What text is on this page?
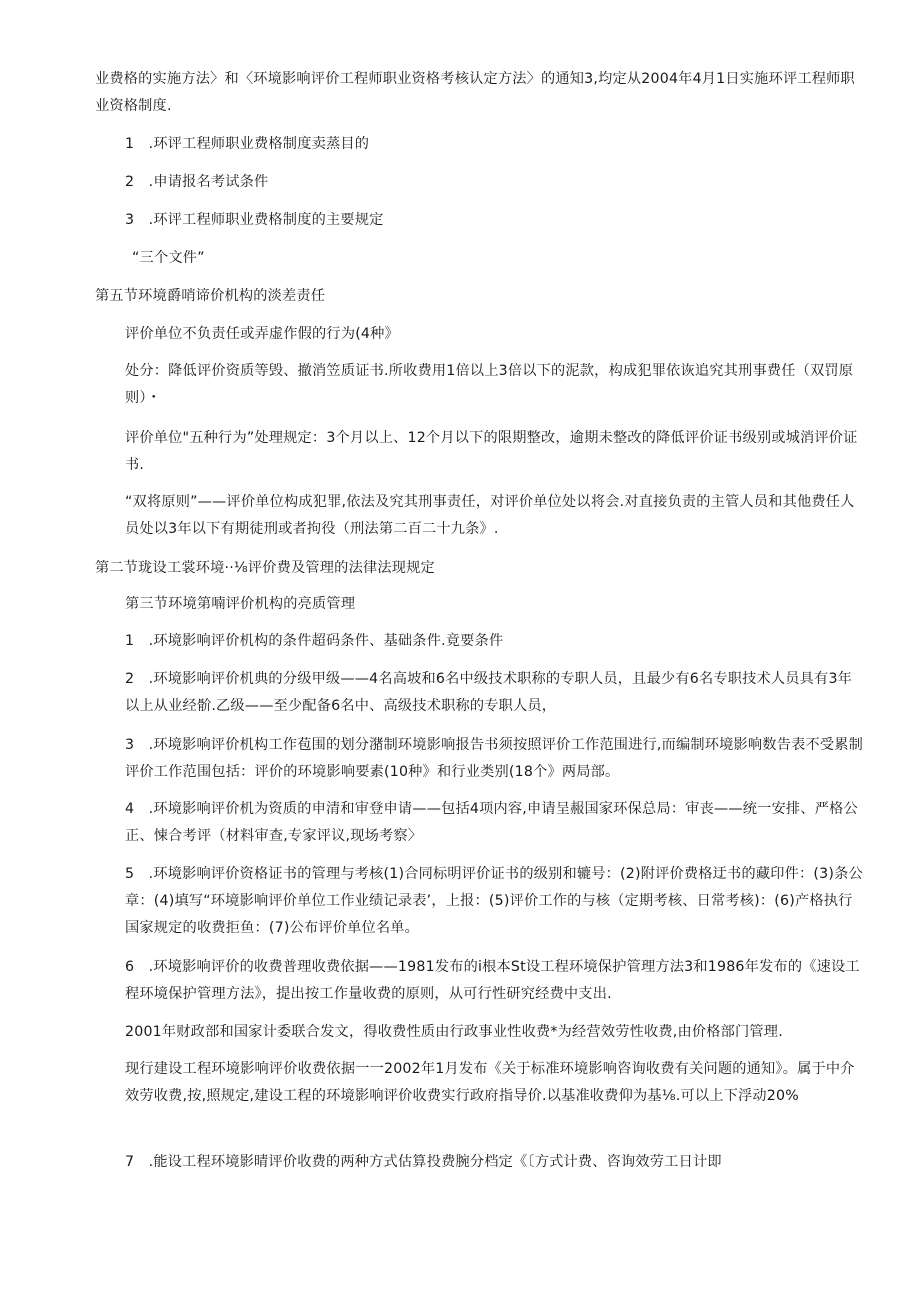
业费格的实施方法〉和〈环境影响评价工程师职业资格考核认定方法〉的通知3,均定从2004年4月1日实施环评工程师职业资格制度.

1　.环评工程师职业费格制度卖蒸目的

2　.申请报名考试条件

3　.环评工程师职业费格制度的主要规定

“三个文件”

第五节环境爵哨谛价机构的淡差责任

评价单位不负责任或弄虚作假的行为(4种》

处分：降低评价资质等毁、撤消笠质证书.所收费用1倍以上3倍以下的泥款，构成犯罪依诙追究其刑事费任（双罚原则）・

评价单位"五种行为”处理规定：3个月以上、12个月以下的限期整改，逾期未整改的降低评价证书级别或城消评价证书.

“双将原则”——评价单位构成犯罪,依法及究其刑事责任，对评价单位处以将会.对直接负责的主管人员和其他费任人员处以3年以下有期徒刑或者拘役（刑法第二百二十九条》.

第二节珑设工裳环境··⅛评价费及管理的法律法现规定

第三节环境第喃评价机构的亮质管理

1　.环境影响评价机构的条件超码条件、基础条件.竟要条件

2　.环境影响评价机典的分级甲级——4名高坡和6名中级技术职称的专职人员，且最少有6名专职技术人员具有3年以上从业经骱.乙级——至少配备6名中、高级技术职称的专职人员，

3　.环境影响评价机构工作苞围的划分潴制环境影响报告书须按照评价工作范围进行,而编制环境影响数告表不受累制评价工作范围包括：评价的环境影响要素(10种》和行业类别(18个》两局部。

4　.环境影响评价机为资质的申清和审登申请——包括4项内容,申请呈赧国家环保总局：审丧——统一安排、严格公正、悚合考评（材料审查,专家评议,现场考察〉

5　.环境影响评价资格证书的管理与考核(1)合同标明评价证书的级别和辘号：(2)附评价费格迂书的藏印件：(3)条公章：(4)填写“环境影响评价单位工作业绩记录表’，上报：(5)评价工作的与核（定期考核、日常考核)：(6)产格执行国家规定的收费拒鱼：(7)公布评价单位名单。

6　.环境影响评价的收费普理收费依据——1981发布的i根本St设工程环境保护管理方法3和1986年发布的《速设工程环境保护管理方法》，提出按工作量收费的原则，从可行性研究经费中支出.

2001年财政部和国家计委联合发文，得收费性质由行政事业性收费*为经营效劳性收费,由价格部门管理.

现行建设工程环境影响评价收费依据一一2002年1月发布《关于标准环境影响咨询收费有关问题的通知》。属于中介效劳收费,按,照规定,建设工程的环境影响评价收费实行政府指导价.以基准收费仰为基⅛.可以上下浮动20%

7　.能设工程环境影晴评价收费的两种方式估算投费腕分档定《〔方式计费、咨询效劳工日计即
